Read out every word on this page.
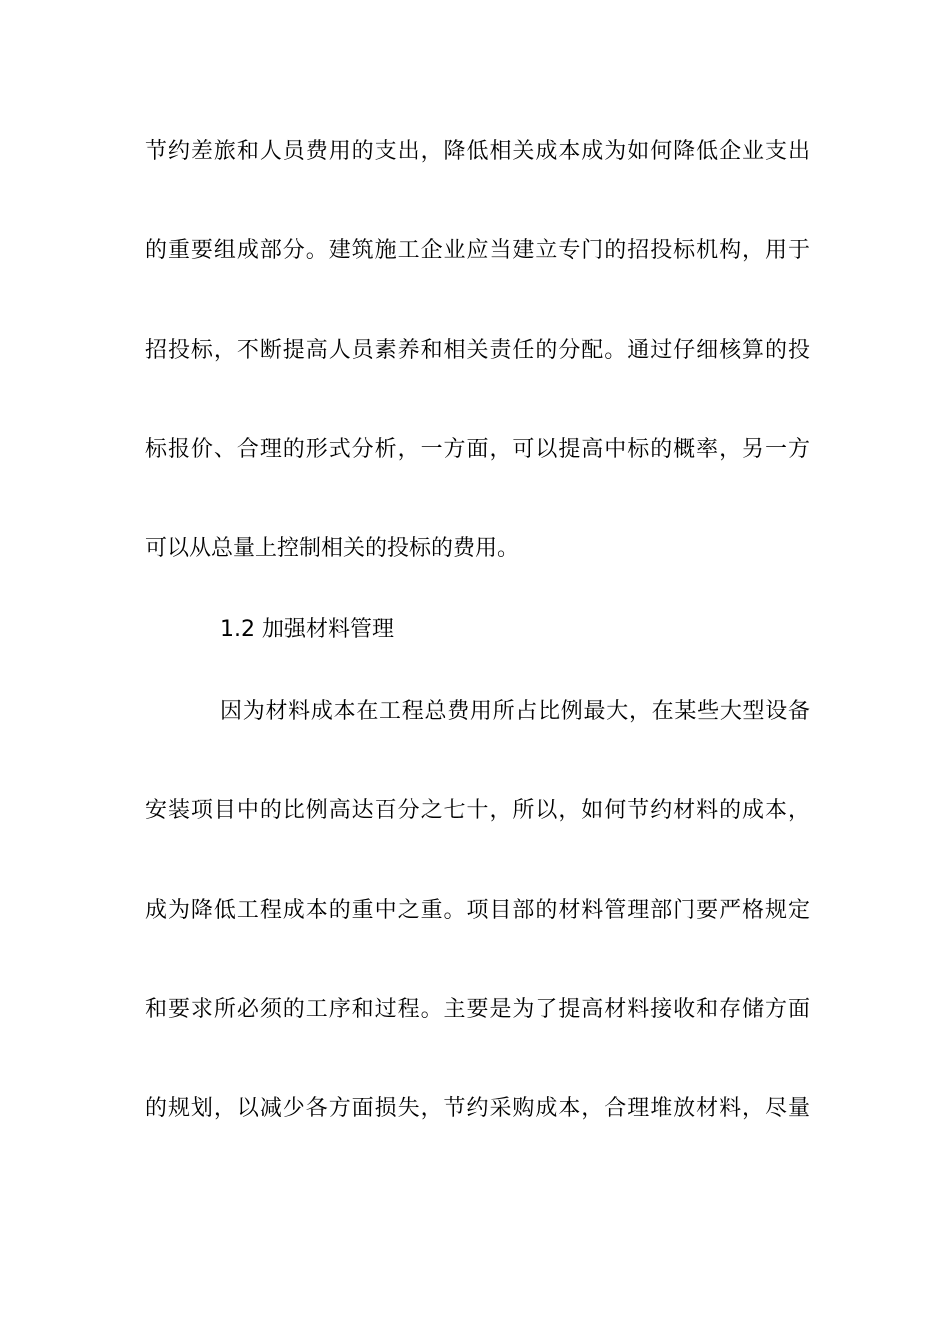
节约差旅和人员费用的支出，降低相关成本成为如何降低企业支出
的重要组成部分。建筑施工企业应当建立专门的招投标机构，用于
招投标，不断提高人员素养和相关责任的分配。通过仔细核算的投
标报价、合理的形式分析，一方面，可以提高中标的概率，另一方
可以从总量上控制相关的投标的费用。
1.2 加强材料管理
因为材料成本在工程总费用所占比例最大，在某些大型设备
安装项目中的比例高达百分之七十，所以，如何节约材料的成本，
成为降低工程成本的重中之重。项目部的材料管理部门要严格规定
和要求所必须的工序和过程。主要是为了提高材料接收和存储方面
的规划，以减少各方面损失，节约采购成本，合理堆放材料，尽量
